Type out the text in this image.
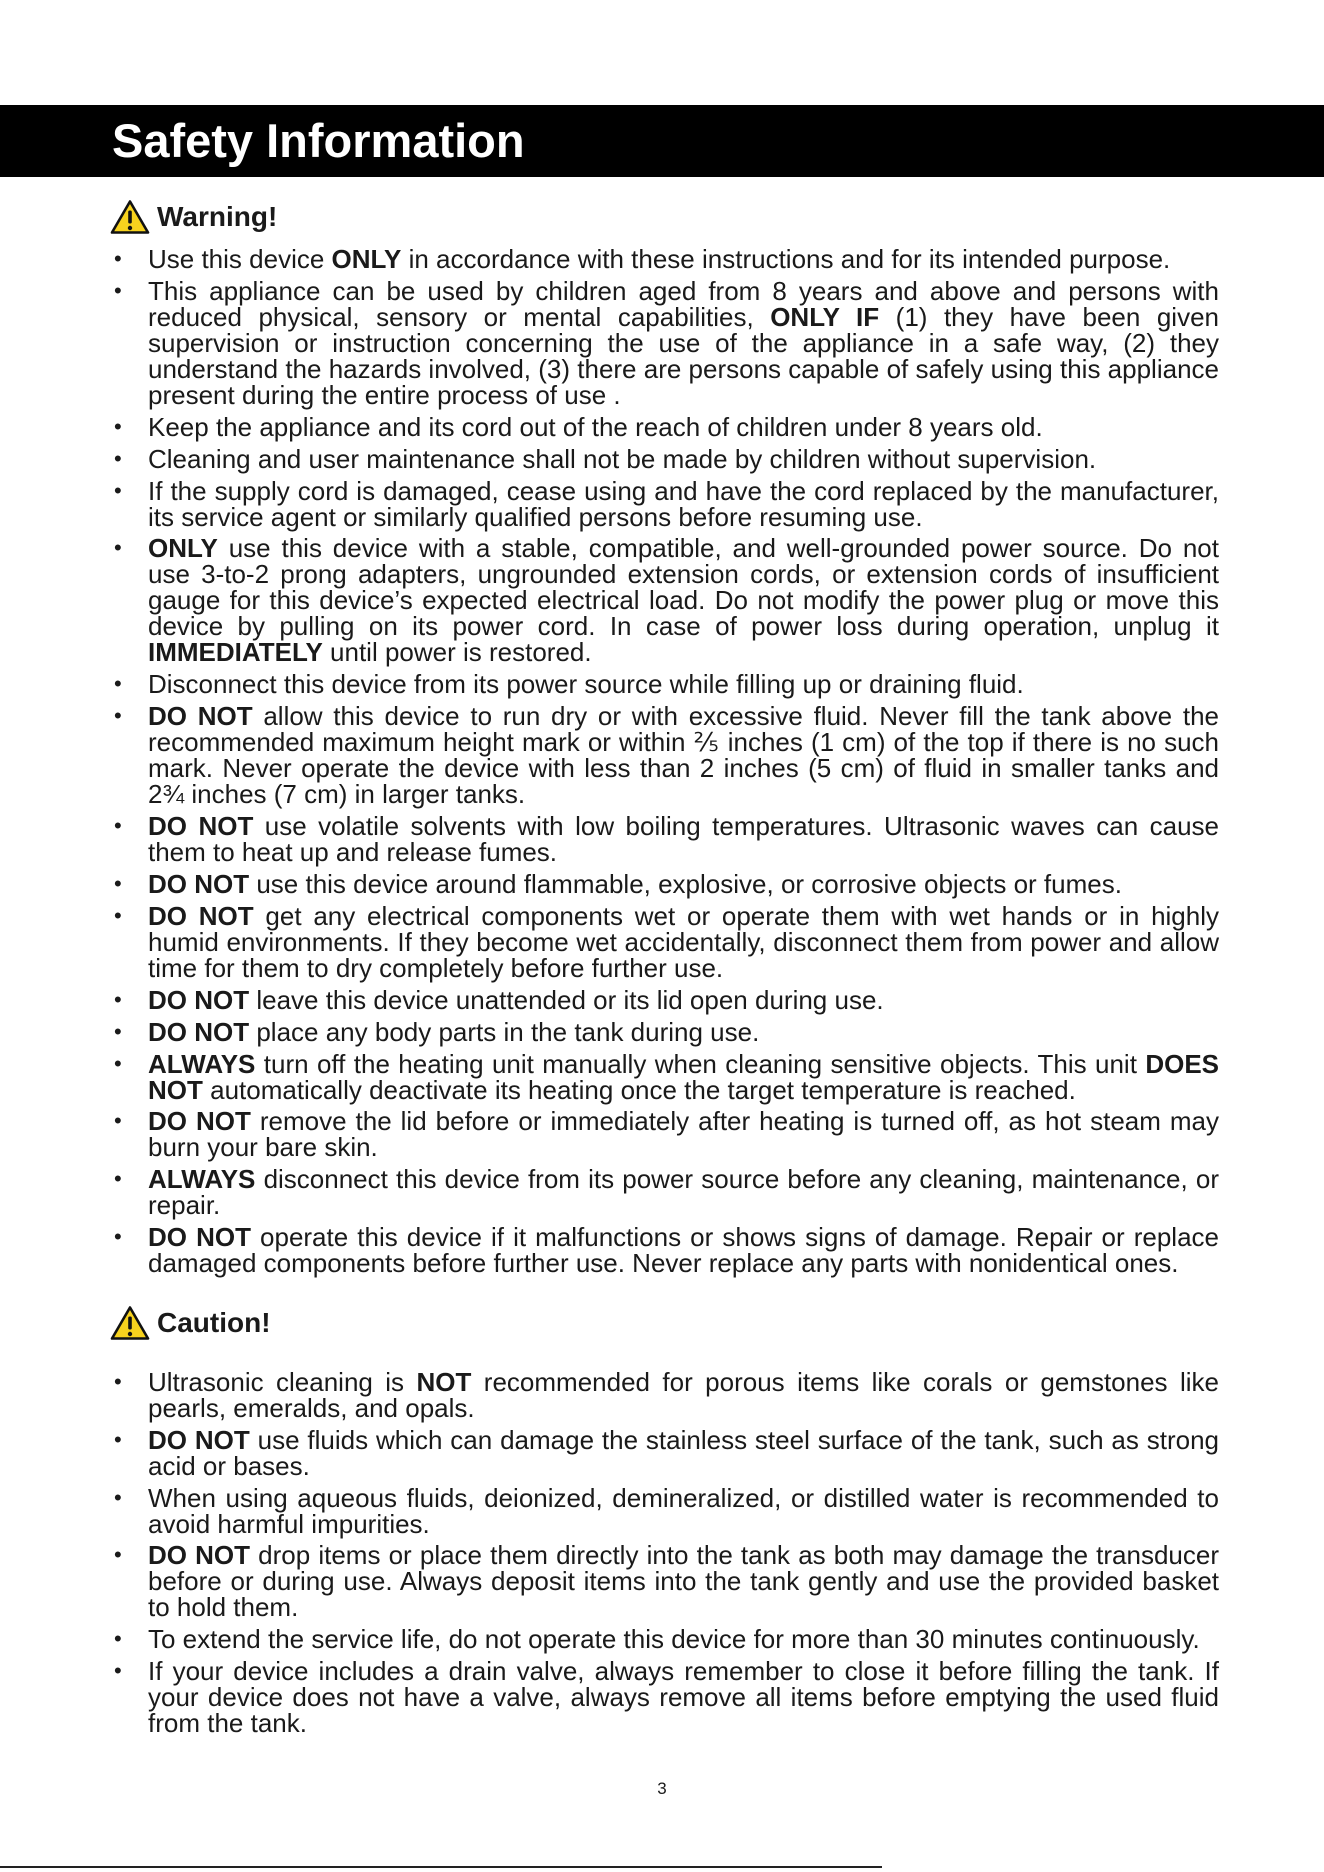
Safety Information
Warning!
• Use this device ONLY in accordance with these instructions and for its intended purpose.
• This appliance can be used by children aged from 8 years and above and persons with reduced physical, sensory or mental capabilities, ONLY IF (1) they have been given supervision or instruction concerning the use of the appliance in a safe way, (2) they understand the hazards involved, (3) there are persons capable of safely using this appliance present during the entire process of use .
• Keep the appliance and its cord out of the reach of children under 8 years old.
• Cleaning and user maintenance shall not be made by children without supervision.
• If the supply cord is damaged, cease using and have the cord replaced by the manufacturer, its service agent or similarly qualified persons before resuming use.
• ONLY use this device with a stable, compatible, and well-grounded power source. Do not use 3-to-2 prong adapters, ungrounded extension cords, or extension cords of insufficient gauge for this device’s expected electrical load. Do not modify the power plug or move this device by pulling on its power cord. In case of power loss during operation, unplug it IMMEDIATELY until power is restored.
• Disconnect this device from its power source while filling up or draining fluid.
• DO NOT allow this device to run dry or with excessive fluid. Never fill the tank above the recommended maximum height mark or within ⅖ inches (1 cm) of the top if there is no such mark. Never operate the device with less than 2 inches (5 cm) of fluid in smaller tanks and 2¾ inches (7 cm) in larger tanks.
• DO NOT use volatile solvents with low boiling temperatures. Ultrasonic waves can cause them to heat up and release fumes.
• DO NOT use this device around flammable, explosive, or corrosive objects or fumes.
• DO NOT get any electrical components wet or operate them with wet hands or in highly humid environments. If they become wet accidentally, disconnect them from power and allow time for them to dry completely before further use.
• DO NOT leave this device unattended or its lid open during use.
• DO NOT place any body parts in the tank during use.
• ALWAYS turn off the heating unit manually when cleaning sensitive objects. This unit DOES NOT automatically deactivate its heating once the target temperature is reached.
• DO NOT remove the lid before or immediately after heating is turned off, as hot steam may burn your bare skin.
• ALWAYS disconnect this device from its power source before any cleaning, maintenance, or repair.
• DO NOT operate this device if it malfunctions or shows signs of damage. Repair or replace damaged components before further use. Never replace any parts with nonidentical ones.
Caution!
• Ultrasonic cleaning is NOT recommended for porous items like corals or gemstones like pearls, emeralds, and opals.
• DO NOT use fluids which can damage the stainless steel surface of the tank, such as strong acid or bases.
• When using aqueous fluids, deionized, demineralized, or distilled water is recommended to avoid harmful impurities.
• DO NOT drop items or place them directly into the tank as both may damage the transducer before or during use. Always deposit items into the tank gently and use the provided basket to hold them.
• To extend the service life, do not operate this device for more than 30 minutes continuously.
• If your device includes a drain valve, always remember to close it before filling the tank. If your device does not have a valve, always remove all items before emptying the used fluid from the tank.
3
